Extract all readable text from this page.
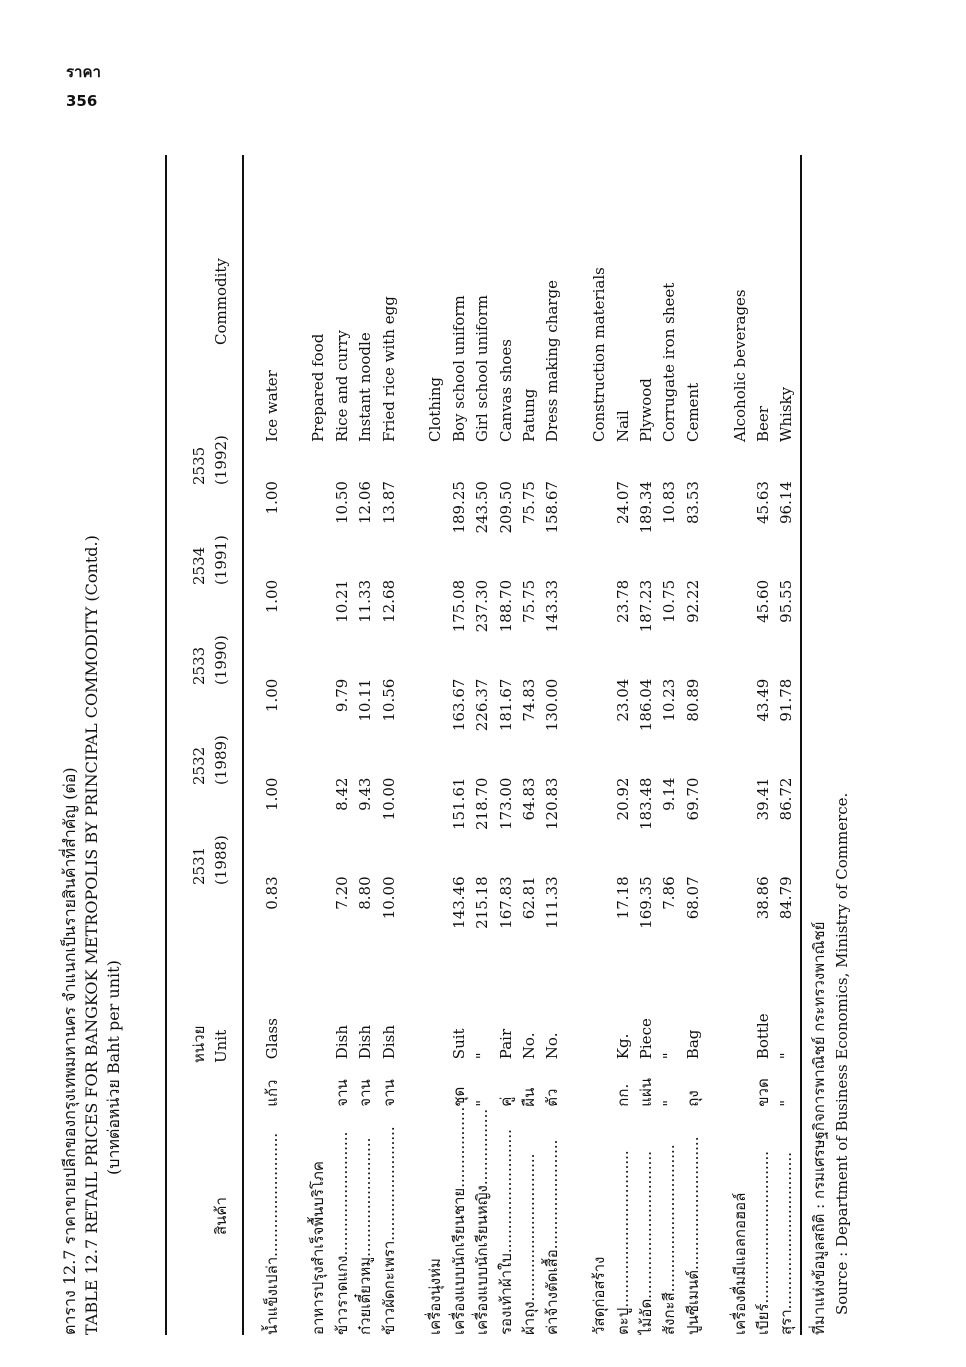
ราคา
356
ตาราง 12.7 ราคาขายปลีกของกรุงเทพมหานคร จำแนกเป็นรายสินค้าที่สำคัญ (ต่อ) TABLE 12.7 RETAIL PRICES FOR BANGKOK METROPOLIS BY PRINCIPAL COMMODITY (Contd.) (บาทต่อหน่วย Baht per unit)
สินค้า
หน่วย Unit
2531 (1988)
2532 (1989)
2533 (1990)
2534 (1991)
2535 (1992)
Commodity
น้ำแข็งเปล่า..........................	แก้ว	Glass	0.83	1.00	1.00	1.00	1.00		Ice water

อาหารปรุงสำเร็จพื้นบริโภค									Prepared food
ข้าวราดแกง..........................	จาน	Dish	7.20	8.42	9.79	10.21	10.50		Rice and curry
ก๋วยเตี๋ยวหมู.........................	จาน	Dish	8.80	9.43	10.11	11.33	12.06		Instant noodle
ข้าวผัดกะเพรา........................	จาน	Dish	10.00	10.00	10.56	12.68	13.87		Fried rice with egg

เครื่องนุ่งห่ม									Clothing
เครื่องแบบนักเรียนชาย.................	ชุด	Suit	143.46	151.61	163.67	175.08	189.25		Boy school uniform
เครื่องแบบนักเรียนหญิง................	"	"	215.18	218.70	226.37	237.30	243.50		Girl school uniform
รองเท้าผ้าใบ..........................	คู่	Pair	167.83	173.00	181.67	188.70	209.50		Canvas shoes
ผ้าถุง...............................	ผืน	No.	62.81	64.83	74.83	75.75	75.75		Patung
ค่าจ้างตัดเสื้อ.......................	ตัว	No.	111.33	120.83	130.00	143.33	158.67		Dress making charge

วัสดุก่อสร้าง									Construction materials
ตะปู.................................	กก.	Kg.	17.18	20.92	23.04	23.78	24.07		Nail
ไม้อัด...............................	แผ่น	Piece	169.35	183.48	186.04	187.23	189.34		Plywood
สังกะสี...............................	"	"	7.86	9.14	10.23	10.75	10.83		Corrugate iron sheet
ปูนซีเมนต์............................	ถุง	Bag	68.07	69.70	80.89	92.22	83.53		Cement

เครื่องดื่มมีแอลกอฮอล์									Alcoholic beverages
เบียร์................................	ขวด	Bottle	38.86	39.41	43.49	45.60	45.63		Beer
สุรา.................................	"	"	84.79	86.72	91.78	95.55	96.14		Whisky
ที่มาแห่งข้อมูลสถิติ : กรมเศรษฐกิจการพาณิชย์ กระทรวงพาณิชย์ Source : Department of Business Economics, Ministry of Commerce.
